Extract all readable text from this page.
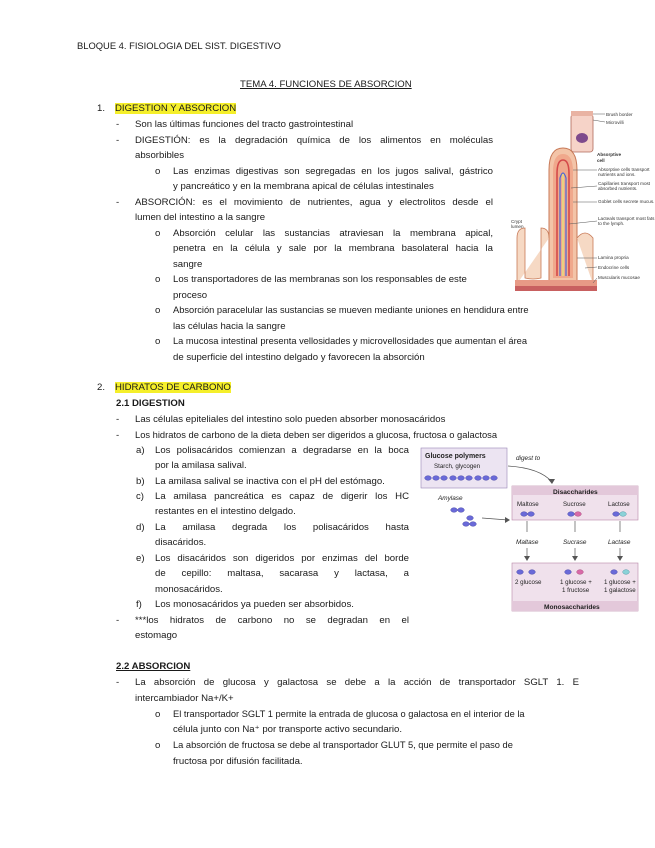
BLOQUE 4. FISIOLOGIA DEL SIST. DIGESTIVO
TEMA 4. FUNCIONES DE ABSORCION
1. DIGESTION Y ABSORCION
- Son las últimas funciones del tracto gastrointestinal
- DIGESTIÓN: es la degradación química de los alimentos en moléculas
absorbibles
o Las enzimas digestivas son segregadas en los jugos salival, gástrico
y pancreático y en la membrana apical de células intestinales
- ABSORCIÓN: es el movimiento de nutrientes, agua y electrolitos desde el
lumen del intestino a la sangre
o Absorción celular las sustancias atraviesan la membrana apical,
penetra en la célula y sale por la membrana basolateral hacia la
sangre
o Los transportadores de las membranas son los responsables de este
proceso
o Absorción paracelular las sustancias se mueven mediante uniones en hendidura entre
las células hacia la sangre
o La mucosa intestinal presenta vellosidades y microvellosidades que aumentan el área
de superficie del intestino delgado y favorecen la absorción
Brush border
Microvilli
Absorptive
cell
Absorptive cells transport
nutrients and ions.
Capillaries transport most
absorbed nutrients.
Goblet cells secrete mucus.
Lacteals transport most fats
to the lymph.
Lamina propria
Endocrine cells
Muscularis mucosae
Crypt
lumen
2. HIDRATOS DE CARBONO
2.1 DIGESTION
- Las células epiteliales del intestino solo pueden absorber monosacáridos
- Los hidratos de carbono de la dieta deben ser digeridos a glucosa, fructosa o galactosa
a) Los polisacáridos comienzan a degradarse en la boca
por la amilasa salival.
b) La amilasa salival se inactiva con el pH del estómago.
c) La amilasa pancreática es capaz de digerir los HC
restantes en el intestino delgado.
d) La amilasa degrada los polisacáridos hasta
disacáridos.
e) Los disacáridos son digeridos por enzimas del borde
de cepillo: maltasa, sacarasa y lactasa, a
monosacáridos.
f) Los monosacáridos ya pueden ser absorbidos.
- ***los hidratos de carbono no se degradan en el
estomago
Glucose polymers
Starch, glycogen
digest to
Amylase
Disaccharides
Maltose	Sucrose	Lactose
Maltase	Sucrase	Lactase
2 glucose	1 glucose +
1 fructose
1 glucose +
1 galactose
Monosaccharides
2.2 ABSORCION
- La absorción de glucosa y galactosa se debe a la acción de transportador SGLT 1. E
intercambiador Na+/K+
o El transportador SGLT 1 permite la entrada de glucosa o galactosa en el interior de la
célula junto con Na⁺ por transporte activo secundario.
o La absorción de fructosa se debe al transportador GLUT 5, que permite el paso de
fructosa por difusión facilitada.
